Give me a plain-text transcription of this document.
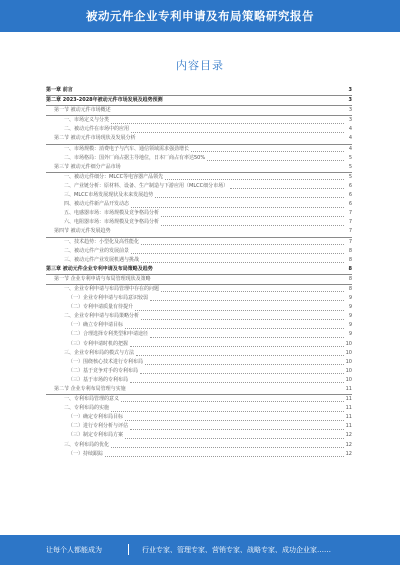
被动元件企业专利申请及布局策略研究报告
内容目录
第一章 前言	3
第二章 2023-2028年被动元件市场发展及趋势预测	3
第一节 被动元件市场概述	3
一、市场定义与分类	3
二、被动元件在市场中的应用	4
第二节 被动元件市场现状及发展分析	4
一、市场规模：消费电子与汽车、通信领域需求强劲增长	4
二、市场格局：国外厂商占据主导地位，日本厂商占有率达50%	5
第三节 被动元件细分产品市场	5
一、被动元件细分：MLCC等电容器产品领先	5
二、产业链分析：原材料、设备、生产制造与下游应用（MLCC细分市场）	6
三、MLCC市场发展现状及未来发展趋势	6
四、被动元件新产品开发动态	6
五、电感器市场：市场规模及竞争格局分析	7
六、电阻器市场：市场规模及竞争格局分析	7
第四节 被动元件发展趋势	7
一、技术趋势：小型化及高性能化	7
二、被动元件产业的发展前景	8
三、被动元件产业发展机遇与挑战	8
第三章 被动元件企业专利申请及布局策略及趋势	8
第一节 企业专利申请与布局管理现状及策略	8
一、企业专利申请与布局管理中存在的问题	8
（一）企业专利申请与布局意识较弱	9
（二）专利申请质量有待提升	9
二、企业专利申请与布局策略分析	9
（一）确立专利申请目标	9
（二）合理选择专利类型和申请途径	9
（三）专利申请时机的把握	10
三、企业专利布局的模式与方法	10
（一）围绕核心技术进行专利布局	10
（二）基于竞争对手的专利布局	10
（三）基于市场的专利布局	10
第二节 企业专利布局管理与实施	11
一、专利布局管理的意义	11
二、专利布局的实施	11
（一）确定专利布局目标	11
（二）进行专利分析与评估	11
（三）制定专利布局方案	12
三、专利布局的优化	12
（一）持续跟踪	12
让每个人都能成为	行业专家、管理专家、营销专家、战略专家、成功企业家……
